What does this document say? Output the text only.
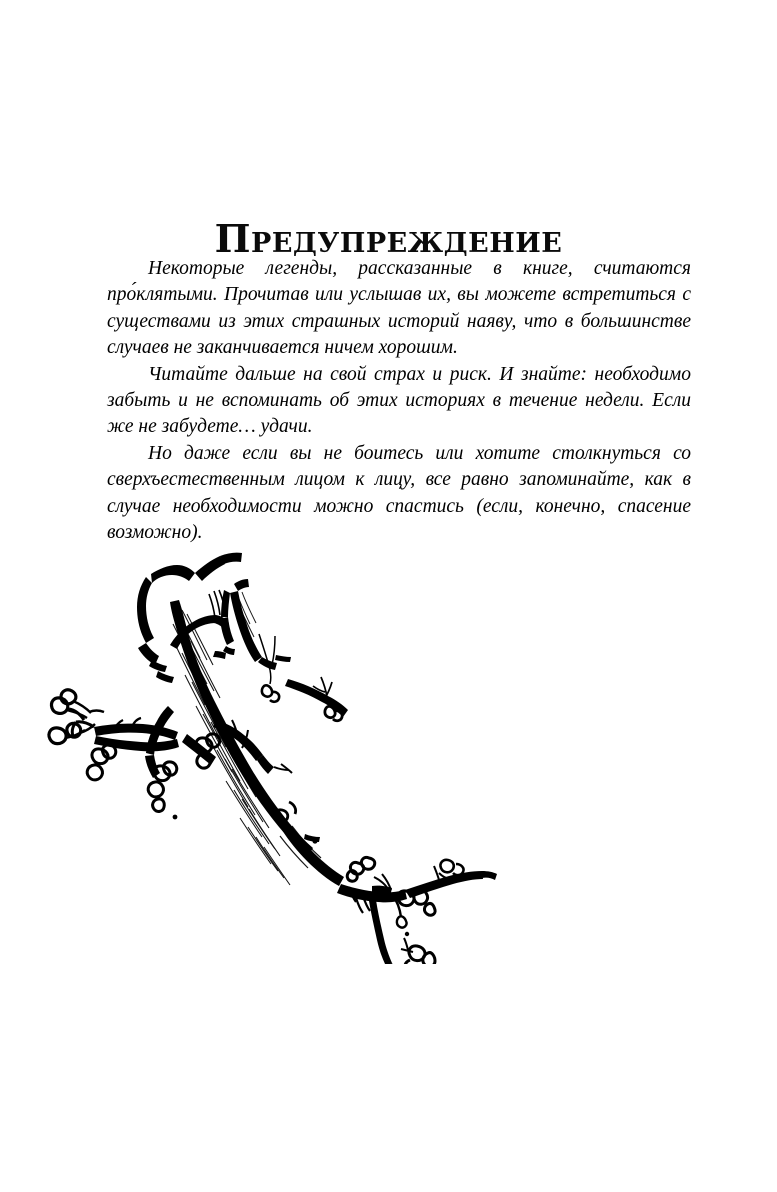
Предупреждение

Некоторые легенды, рассказанные в книге, считаются про́клятыми. Прочитав или услышав их, вы можете встретиться с существами из этих страшных историй наяву, что в большинстве случаев не заканчивается ничем хорошим.

Читайте дальше на свой страх и риск. И знайте: необходимо забыть и не вспоминать об этих историях в течение недели. Если же не забудете… удачи.

Но даже если вы не боитесь или хотите столкнуться со сверхъестественным лицом к лицу, все равно запоминайте, как в случае необходимости можно спастись (если, конечно, спасение возможно).
